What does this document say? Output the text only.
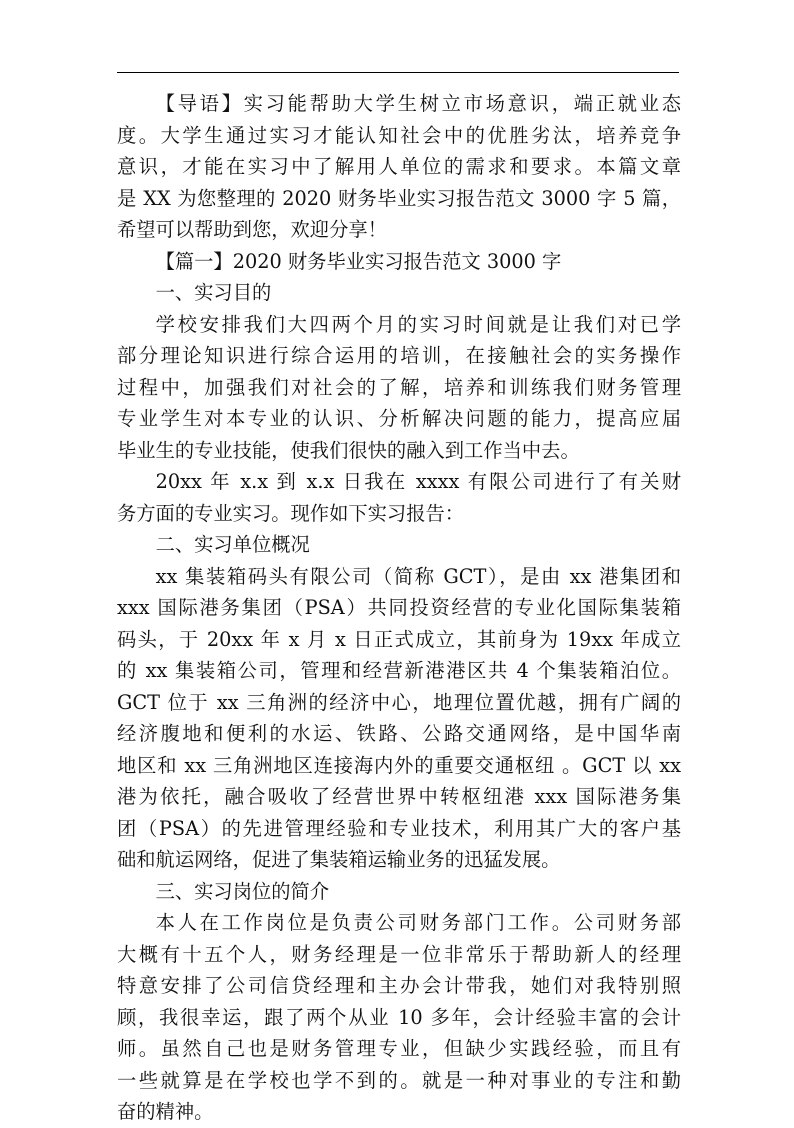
【导语】实习能帮助大学生树立市场意识，端正就业态
度。大学生通过实习才能认知社会中的优胜劣汰，培养竞争
意识，才能在实习中了解用人单位的需求和要求。本篇文章
是 XX 为您整理的 2020 财务毕业实习报告范文 3000 字 5 篇，
希望可以帮助到您，欢迎分享！

【篇一】2020 财务毕业实习报告范文 3000 字

一、实习目的

学校安排我们大四两个月的实习时间就是让我们对已学
部分理论知识进行综合运用的培训，在接触社会的实务操作
过程中，加强我们对社会的了解，培养和训练我们财务管理
专业学生对本专业的认识、分析解决问题的能力，提高应届
毕业生的专业技能，使我们很快的融入到工作当中去。

20xx 年 x.x 到 x.x 日我在 xxxx 有限公司进行了有关财
务方面的专业实习。现作如下实习报告：

二、实习单位概况

xx 集装箱码头有限公司（简称 GCT），是由 xx 港集团和
xxx 国际港务集团（PSA）共同投资经营的专业化国际集装箱
码头，于 20xx 年 x 月 x 日正式成立，其前身为 19xx 年成立
的 xx 集装箱公司，管理和经营新港港区共 4 个集装箱泊位。
GCT 位于 xx 三角洲的经济中心，地理位置优越，拥有广阔的
经济腹地和便利的水运、铁路、公路交通网络，是中国华南
地区和 xx 三角洲地区连接海内外的重要交通枢纽 。GCT 以 xx
港为依托，融合吸收了经营世界中转枢纽港 xxx 国际港务集
团（PSA）的先进管理经验和专业技术，利用其广大的客户基
础和航运网络，促进了集装箱运输业务的迅猛发展。

三、实习岗位的简介

本人在工作岗位是负责公司财务部门工作。公司财务部
大概有十五个人，财务经理是一位非常乐于帮助新人的经理
特意安排了公司信贷经理和主办会计带我，她们对我特别照
顾，我很幸运，跟了两个从业 10 多年，会计经验丰富的会计
师。虽然自己也是财务管理专业，但缺少实践经验，而且有
一些就算是在学校也学不到的。就是一种对事业的专注和勤
奋的精神。
